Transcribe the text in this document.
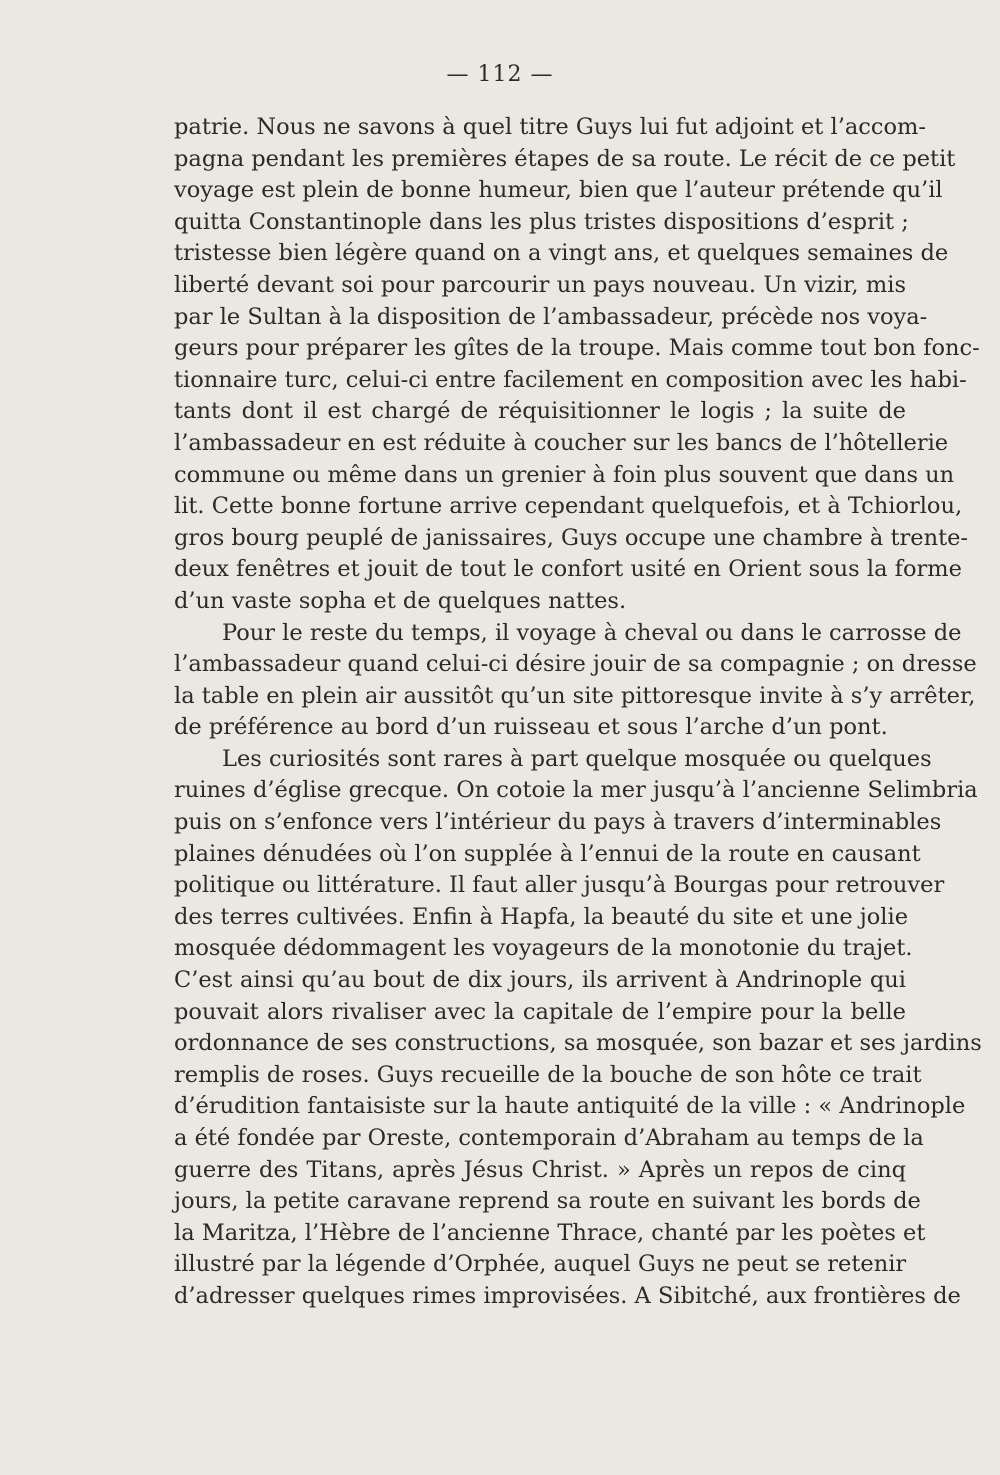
— 112 —
patrie. Nous ne savons à quel titre Guys lui fut adjoint et l’accom-
pagna pendant les premières étapes de sa route. Le récit de ce petit
voyage est plein de bonne humeur, bien que l’auteur prétende qu’il
quitta Constantinople dans les plus tristes dispositions d’esprit ;
tristesse bien légère quand on a vingt ans, et quelques semaines de
liberté devant soi pour parcourir un pays nouveau. Un vizir, mis
par le Sultan à la disposition de l’ambassadeur, précède nos voya-
geurs pour préparer les gîtes de la troupe. Mais comme tout bon fonc-
tionnaire turc, celui-ci entre facilement en composition avec les habi-
tants dont il est chargé de réquisitionner le logis ; la suite de
l’ambassadeur en est réduite à coucher sur les bancs de l’hôtellerie
commune ou même dans un grenier à foin plus souvent que dans un
lit. Cette bonne fortune arrive cependant quelquefois, et à Tchiorlou,
gros bourg peuplé de janissaires, Guys occupe une chambre à trente-
deux fenêtres et jouit de tout le confort usité en Orient sous la forme
d’un vaste sopha et de quelques nattes.
Pour le reste du temps, il voyage à cheval ou dans le carrosse de
l’ambassadeur quand celui-ci désire jouir de sa compagnie ; on dresse
la table en plein air aussitôt qu’un site pittoresque invite à s’y arrêter,
de préférence au bord d’un ruisseau et sous l’arche d’un pont.
Les curiosités sont rares à part quelque mosquée ou quelques
ruines d’église grecque. On cotoie la mer jusqu’à l’ancienne Selimbria
puis on s’enfonce vers l’intérieur du pays à travers d’interminables
plaines dénudées où l’on supplée à l’ennui de la route en causant
politique ou littérature. Il faut aller jusqu’à Bourgas pour retrouver
des terres cultivées. Enfin à Hapfa, la beauté du site et une jolie
mosquée dédommagent les voyageurs de la monotonie du trajet.
C’est ainsi qu’au bout de dix jours, ils arrivent à Andrinople qui
pouvait alors rivaliser avec la capitale de l’empire pour la belle
ordonnance de ses constructions, sa mosquée, son bazar et ses jardins
remplis de roses. Guys recueille de la bouche de son hôte ce trait
d’érudition fantaisiste sur la haute antiquité de la ville : « Andrinople
a été fondée par Oreste, contemporain d’Abraham au temps de la
guerre des Titans, après Jésus Christ. » Après un repos de cinq
jours, la petite caravane reprend sa route en suivant les bords de
la Maritza, l’Hèbre de l’ancienne Thrace, chanté par les poètes et
illustré par la légende d’Orphée, auquel Guys ne peut se retenir
d’adresser quelques rimes improvisées. A Sibitché, aux frontières de
